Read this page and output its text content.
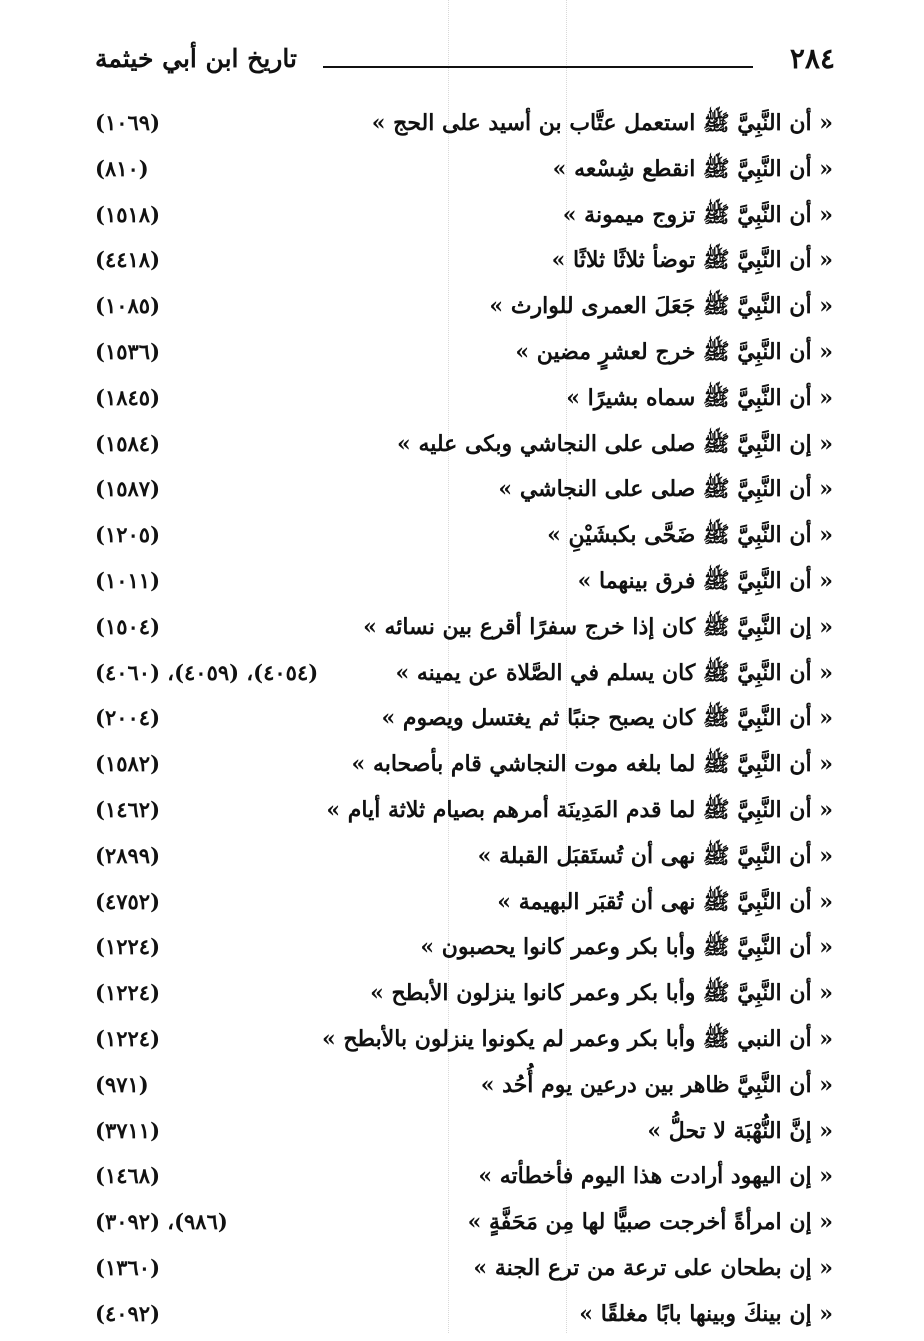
٢٨٤
تاريخ ابن أبي خيثمة
« أن النَّبِيَّ ﷺ استعمل عتَّاب بن أسيد على الحج »
(١٠٦٩)
« أن النَّبِيَّ ﷺ انقطع شِسْعه »
(٨١٠)
« أن النَّبِيَّ ﷺ تزوج ميمونة »
(١٥١٨)
« أن النَّبِيَّ ﷺ توضأ ثلاثًا ثلاثًا »
(٤٤١٨)
« أن النَّبِيَّ ﷺ جَعَلَ العمرى للوارث »
(١٠٨٥)
« أن النَّبِيَّ ﷺ خرج لعشرٍ مضين »
(١٥٣٦)
« أن النَّبِيَّ ﷺ سماه بشيرًا »
(١٨٤٥)
« إن النَّبِيَّ ﷺ صلى على النجاشي وبكى عليه »
(١٥٨٤)
« أن النَّبِيَّ ﷺ صلى على النجاشي »
(١٥٨٧)
« أن النَّبِيَّ ﷺ ضَحَّى بكبشَيْنِ »
(١٢٠٥)
« أن النَّبِيَّ ﷺ فرق بينهما »
(١٠١١)
« إن النَّبِيَّ ﷺ كان إذا خرج سفرًا أقرع بين نسائه »
(١٥٠٤)
« أن النَّبِيَّ ﷺ كان يسلم في الصَّلاة عن يمينه »
(٤٠٥٤)، (٤٠٥٩)، (٤٠٦٠)
« أن النَّبِيَّ ﷺ كان يصبح جنبًا ثم يغتسل ويصوم »
(٢٠٠٤)
« أن النَّبِيَّ ﷺ لما بلغه موت النجاشي قام بأصحابه »
(١٥٨٢)
« أن النَّبِيَّ ﷺ لما قدم المَدِينَة أمرهم بصيام ثلاثة أيام »
(١٤٦٢)
« أن النَّبِيَّ ﷺ نهى أن تُستَقبَل القبلة »
(٢٨٩٩)
« أن النَّبِيَّ ﷺ نهى أن تُقبَر البهيمة »
(٤٧٥٢)
« أن النَّبِيَّ ﷺ وأبا بكر وعمر كانوا يحصبون »
(١٢٢٤)
« أن النَّبِيَّ ﷺ وأبا بكر وعمر كانوا ينزلون الأبطح »
(١٢٢٤)
« أن النبي ﷺ وأبا بكر وعمر لم يكونوا ينزلون بالأبطح »
(١٢٢٤)
« أن النَّبِيَّ ظاهر بين درعين يوم أُحُد »
(٩٧١)
« إنَّ النُّهْبَة لا تحلُّ »
(٣٧١١)
« إن اليهود أرادت هذا اليوم فأخطأته »
(١٤٦٨)
« إن امرأةً أخرجت صبيًّا لها مِن مَحَفَّةٍ »
(٩٨٦)، (٣٠٩٢)
« إن بطحان على ترعة من ترع الجنة »
(١٣٦٠)
« إن بينكَ وبينها بابًا مغلقًا »
(٤٠٩٢)
